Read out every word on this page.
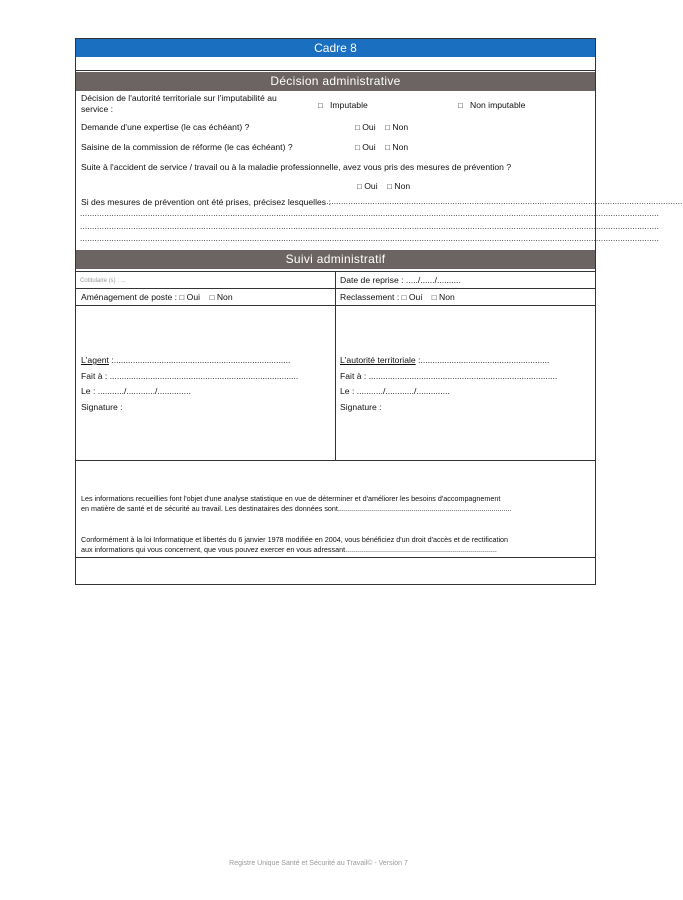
Cadre 8
Décision administrative
Décision de l'autorité territoriale sur l'imputabilité au
service :	□ Imputable	□ Non imputable
Demande d'une expertise (le cas échéant) ?	□ Oui □ Non
Saisine de la commission de réforme (le cas échéant) ?	□ Oui □ Non
Suite à l'accident de service / travail ou à la maladie professionnelle, avez vous pris des mesures de prévention ?
□ Oui □ Non
Si des mesures de prévention ont été prises, précisez lesquelles :
....................................................................................................................................................
...............................................................................................................................................................................................................................................
...............................................................................................................................................................................................................................................
...............................................................................................................................................................................................................................................
Suivi administratif
Cotitulaire (s) : ...	Date de reprise : ...../....../..........
Aménagement de poste : □ Oui □ Non	Reclassement : □ Oui □ Non
L'agent :..........................................................................
Fait à : ...............................................................................
Le : .........../............/..............
Signature :
L'autorité territoriale :......................................................
Fait à : ...............................................................................
Le : .........../............/..............
Signature :
Les informations recueillies font l'objet d'une analyse statistique en vue de déterminer et d'améliorer les besoins d'accompagnement
en matière de santé et de sécurité au travail. Les destinataires des données sont.......................................................................................
Conformément à la loi Informatique et libertés du 6 janvier 1978 modifiée en 2004, vous bénéficiez d'un droit d'accès et de rectification
aux informations qui vous concernent, que vous pouvez exercer en vous adressant............................................................................
Registre Unique Santé et Sécurité au Travail© - Version 7
